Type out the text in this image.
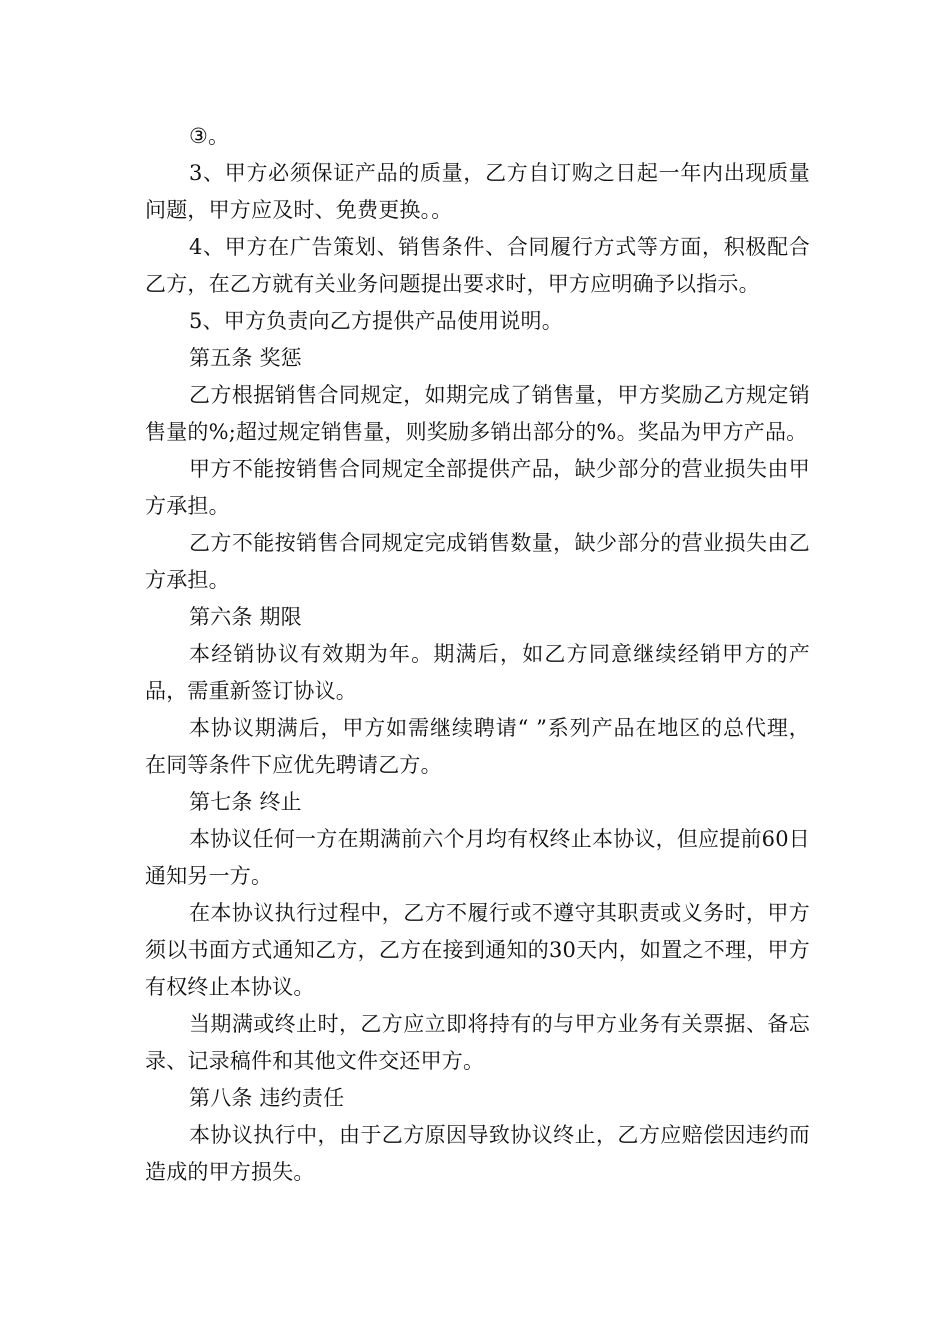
③。

3、甲方必须保证产品的质量，乙方自订购之日起一年内出现质量问题，甲方应及时、免费更换。。

4、甲方在广告策划、销售条件、合同履行方式等方面，积极配合乙方，在乙方就有关业务问题提出要求时，甲方应明确予以指示。

5、甲方负责向乙方提供产品使用说明。

第五条 奖惩

乙方根据销售合同规定，如期完成了销售量，甲方奖励乙方规定销售量的%;超过规定销售量，则奖励多销出部分的%。奖品为甲方产品。

甲方不能按销售合同规定全部提供产品，缺少部分的营业损失由甲方承担。

乙方不能按销售合同规定完成销售数量，缺少部分的营业损失由乙方承担。

第六条 期限

本经销协议有效期为年。期满后，如乙方同意继续经销甲方的产品，需重新签订协议。

本协议期满后，甲方如需继续聘请“ ”系列产品在地区的总代理，在同等条件下应优先聘请乙方。

第七条 终止

本协议任何一方在期满前六个月均有权终止本协议，但应提前60日通知另一方。

在本协议执行过程中，乙方不履行或不遵守其职责或义务时，甲方须以书面方式通知乙方，乙方在接到通知的30天内，如置之不理，甲方有权终止本协议。

当期满或终止时，乙方应立即将持有的与甲方业务有关票据、备忘录、记录稿件和其他文件交还甲方。

第八条 违约责任

本协议执行中，由于乙方原因导致协议终止，乙方应赔偿因违约而造成的甲方损失。
